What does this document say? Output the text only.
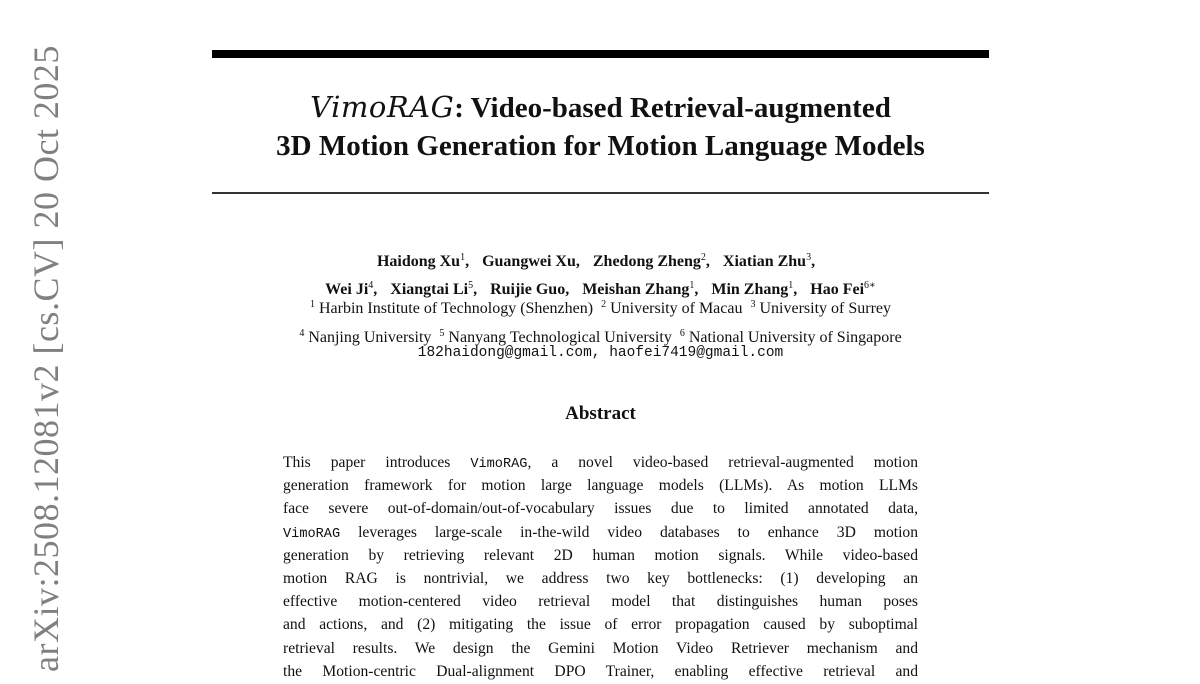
VimoRAG: Video-based Retrieval-augmented
3D Motion Generation for Motion Language Models
Haidong Xu$^1$, Guangwei Xu, Zhedong Zheng$^2$, Xiatian Zhu$^3$,
Wei Ji$^4$, Xiangtai Li$^5$, Ruijie Guo, Meishan Zhang$^1$, Min Zhang$^1$, Hao Fei$^{6∗}$
$^1$ Harbin Institute of Technology (Shenzhen) $^2$ University of Macau $^3$ University of Surrey
$^4$ Nanjing University $^5$ Nanyang Technological University $^6$ National University of Singapore
182haidong@gmail.com, haofei7419@gmail.com
Abstract
This paper introduces VimoRAG, a novel video-based retrieval-augmented motion
generation framework for motion large language models (LLMs). As motion LLMs
face severe out-of-domain/out-of-vocabulary issues due to limited annotated data,
VimoRAG leverages large-scale in-the-wild video databases to enhance 3D motion
generation by retrieving relevant 2D human motion signals. While video-based
motion RAG is nontrivial, we address two key bottlenecks: (1) developing an
effective motion-centered video retrieval model that distinguishes human poses
and actions, and (2) mitigating the issue of error propagation caused by suboptimal
retrieval results. We design the Gemini Motion Video Retriever mechanism and
the Motion-centric Dual-alignment DPO Trainer, enabling effective retrieval and
arXiv:2508.12081v2 [cs.CV] 20 Oct 2025
